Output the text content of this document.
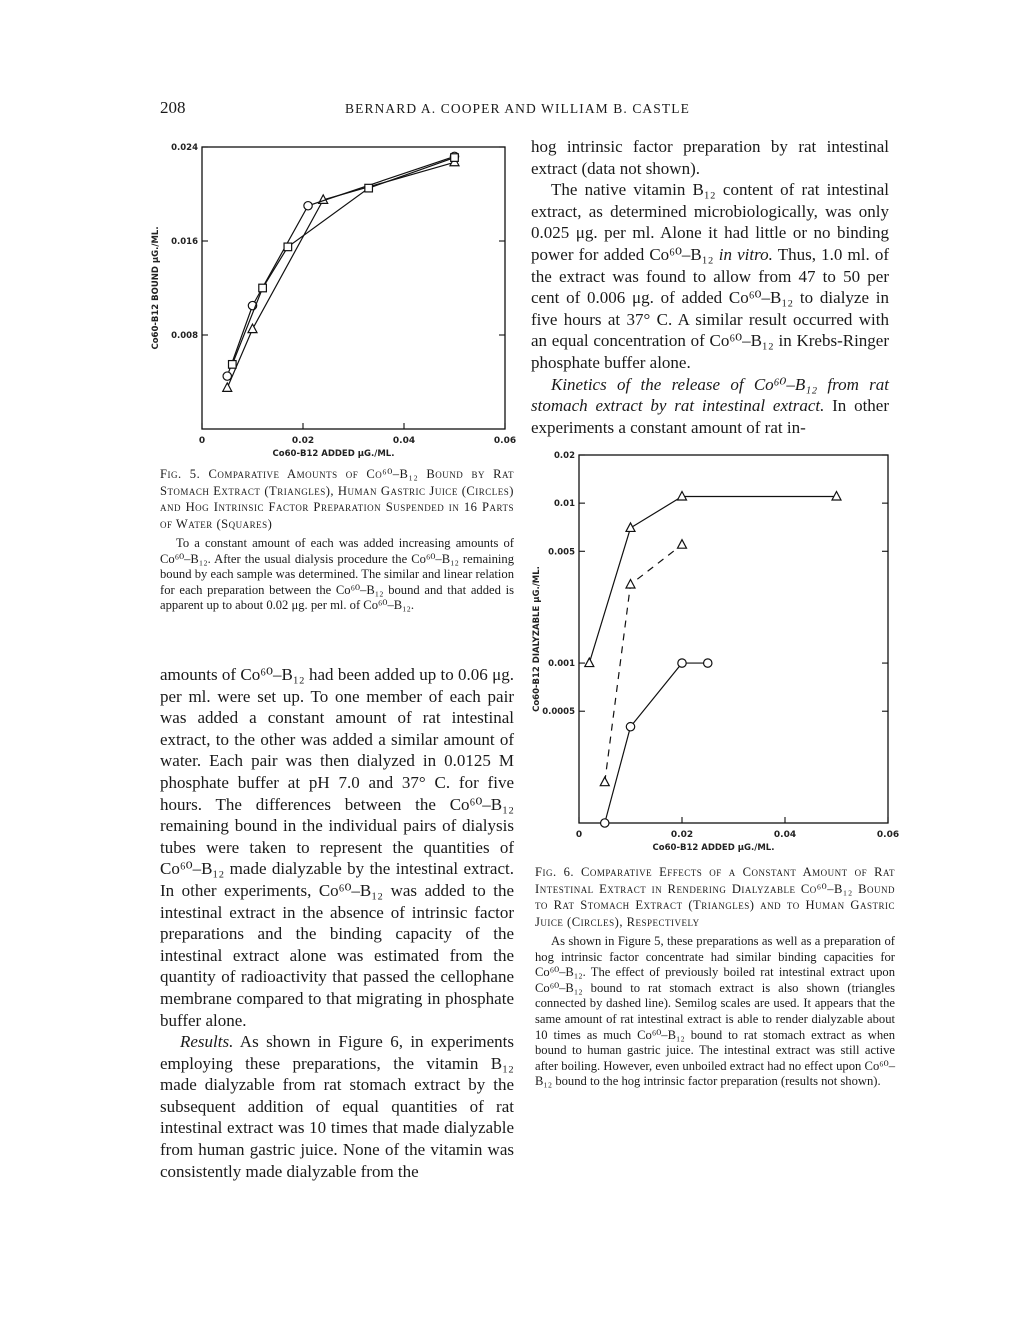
208	BERNARD A. COOPER AND WILLIAM B. CASTLE
0	0.02	0.04	0.06
0.008
0.016
0.024
Co60-B12 ADDED μG./ML.
Co60-B12 BOUND μG./ML.
Fig. 5. Comparative Amounts of Co⁶⁰–B₁₂ Bound by Rat Stomach Extract (Triangles), Human Gastric Juice (Circles) and Hog Intrinsic Factor Preparation Suspended in 16 Parts of Water (Squares)

To a constant amount of each was added increasing amounts of Co⁶⁰–B₁₂. After the usual dialysis procedure the Co⁶⁰–B₁₂ remaining bound by each sample was determined. The similar and linear relation for each preparation between the Co⁶⁰–B₁₂ bound and that added is apparent up to about 0.02 μg. per ml. of Co⁶⁰–B₁₂.

amounts of Co⁶⁰–B₁₂ had been added up to 0.06 μg. per ml. were set up. To one member of each pair was added a constant amount of rat intestinal extract, to the other was added a similar amount of water. Each pair was then dialyzed in 0.0125 M phosphate buffer at pH 7.0 and 37° C. for five hours. The differences between the Co⁶⁰–B₁₂ remaining bound in the individual pairs of dialysis tubes were taken to represent the quantities of Co⁶⁰–B₁₂ made dialyzable by the intestinal extract. In other experiments, Co⁶⁰–B₁₂ was added to the intestinal extract in the absence of intrinsic factor preparations and the binding capacity of the intestinal extract alone was estimated from the quantity of radioactivity that passed the cellophane membrane compared to that migrating in phosphate buffer alone.

Results. As shown in Figure 6, in experiments employing these preparations, the vitamin B₁₂ made dialyzable from rat stomach extract by the subsequent addition of equal quantities of rat intestinal extract was 10 times that made dialyzable from human gastric juice. None of the vitamin was consistently made dialyzable from the

hog intrinsic factor preparation by rat intestinal extract (data not shown).

The native vitamin B₁₂ content of rat intestinal extract, as determined microbiologically, was only 0.025 μg. per ml. Alone it had little or no binding power for added Co⁶⁰–B₁₂ in vitro. Thus, 1.0 ml. of the extract was found to allow from 47 to 50 per cent of 0.006 μg. of added Co⁶⁰–B₁₂ to dialyze in five hours at 37° C. A similar result occurred with an equal concentration of Co⁶⁰–B₁₂ in Krebs-Ringer phosphate buffer alone.

Kinetics of the release of Co⁶⁰–B₁₂ from rat stomach extract by rat intestinal extract. In other experiments a constant amount of rat in-

0	0.02	0.04	0.06
0.0005
0.001
0.005
0.01
0.02
Co60-B12 ADDED μG./ML.
Co60-B12 DIALYZABLE μG./ML.
Fig. 6. Comparative Effects of a Constant Amount of Rat Intestinal Extract in Rendering Dialyzable Co⁶⁰–B₁₂ Bound to Rat Stomach Extract (Triangles) and to Human Gastric Juice (Circles), Respectively

As shown in Figure 5, these preparations as well as a preparation of hog intrinsic factor concentrate had similar binding capacities for Co⁶⁰–B₁₂. The effect of previously boiled rat intestinal extract upon Co⁶⁰–B₁₂ bound to rat stomach extract is also shown (triangles connected by dashed line). Semilog scales are used. It appears that the same amount of rat intestinal extract is able to render dialyzable about 10 times as much Co⁶⁰–B₁₂ bound to rat stomach extract as when bound to human gastric juice. The intestinal extract was still active after boiling. However, even unboiled extract had no effect upon Co⁶⁰–B₁₂ bound to the hog intrinsic factor preparation (results not shown).
